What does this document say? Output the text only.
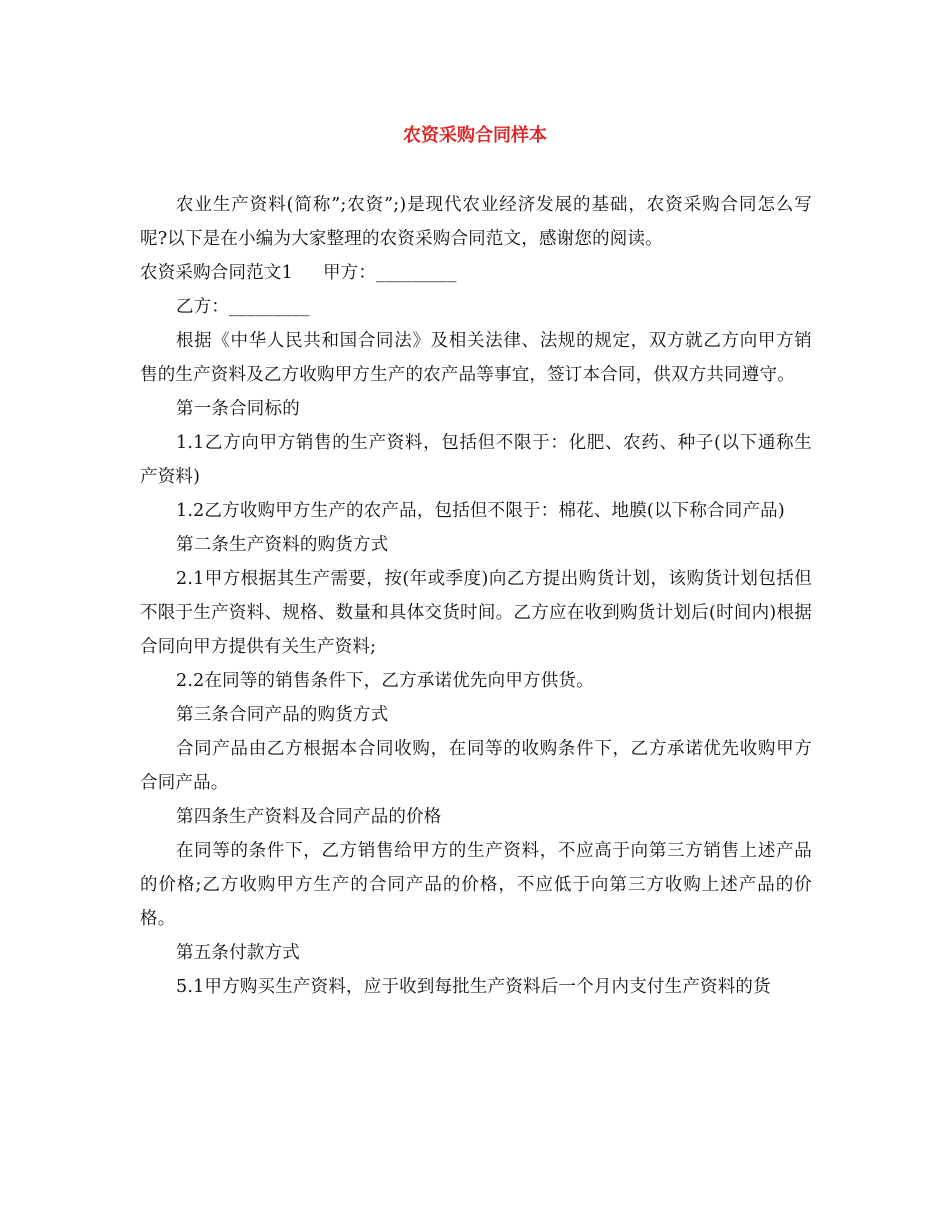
农资采购合同样本

农业生产资料(简称”;农资”;)是现代农业经济发展的基础，农资采购合同怎么写呢?以下是在小编为大家整理的农资采购合同范文，感谢您的阅读。

农资采购合同范文1 甲方：_________

乙方：_________

根据《中华人民共和国合同法》及相关法律、法规的规定，双方就乙方向甲方销售的生产资料及乙方收购甲方生产的农产品等事宜，签订本合同，供双方共同遵守。

第一条合同标的

1.1乙方向甲方销售的生产资料，包括但不限于：化肥、农药、种子(以下通称生产资料)

1.2乙方收购甲方生产的农产品，包括但不限于：棉花、地膜(以下称合同产品)

第二条生产资料的购货方式

2.1甲方根据其生产需要，按(年或季度)向乙方提出购货计划，该购货计划包括但不限于生产资料、规格、数量和具体交货时间。乙方应在收到购货计划后(时间内)根据合同向甲方提供有关生产资料;

2.2在同等的销售条件下，乙方承诺优先向甲方供货。

第三条合同产品的购货方式

合同产品由乙方根据本合同收购，在同等的收购条件下，乙方承诺优先收购甲方合同产品。

第四条生产资料及合同产品的价格

在同等的条件下，乙方销售给甲方的生产资料，不应高于向第三方销售上述产品的价格;乙方收购甲方生产的合同产品的价格，不应低于向第三方收购上述产品的价格。

第五条付款方式

5.1甲方购买生产资料，应于收到每批生产资料后一个月内支付生产资料的货
